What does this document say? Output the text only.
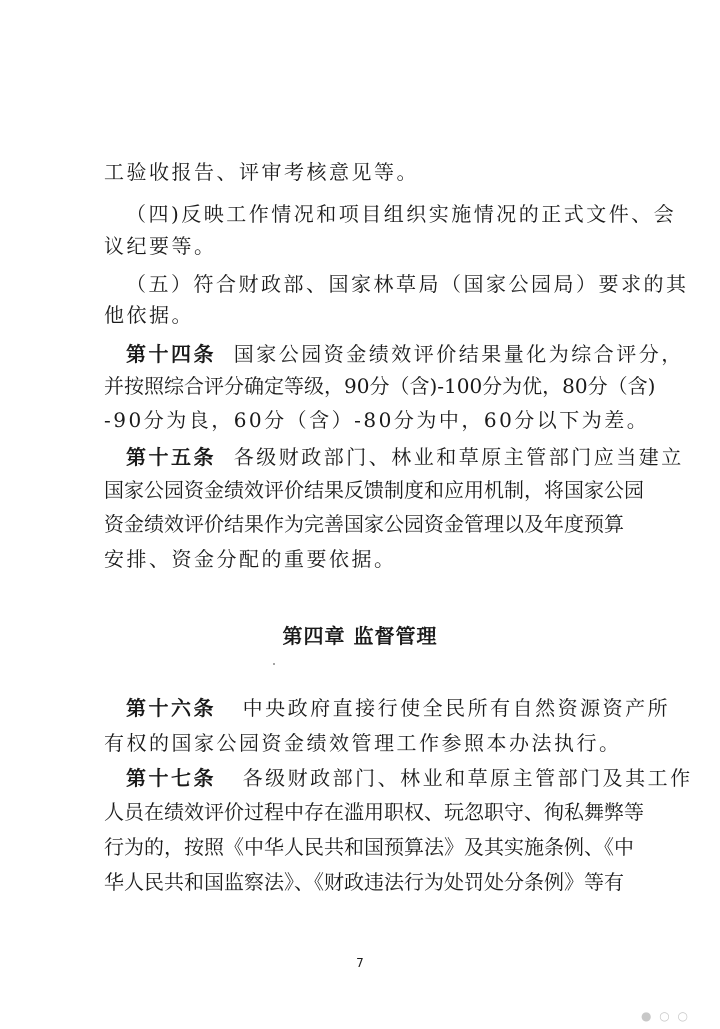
工验收报告、评审考核意见等。
（四)反映工作情况和项目组织实施情况的正式文件、会
议纪要等。
（五）符合财政部、国家林草局（国家公园局）要求的其
他依据。
第十四条 国家公园资金绩效评价结果量化为综合评分，
并按照综合评分确定等级，90分（含)-100分为优，80分（含)
-90分为良，60分（含）-80分为中，60分以下为差。
第十五条 各级财政部门、林业和草原主管部门应当建立
国家公园资金绩效评价结果反馈制度和应用机制，将国家公园
资金绩效评价结果作为完善国家公园资金管理以及年度预算
安排、资金分配的重要依据。
第四章 监督管理
第十六条 中央政府直接行使全民所有自然资源资产所
有权的国家公园资金绩效管理工作参照本办法执行。
第十七条 各级财政部门、林业和草原主管部门及其工作
人员在绩效评价过程中存在滥用职权、玩忽职守、徇私舞弊等
行为的，按照《中华人民共和国预算法》及其实施条例、《中
华人民共和国监察法》、《财政违法行为处罚处分条例》等有
7
● ○ ○
